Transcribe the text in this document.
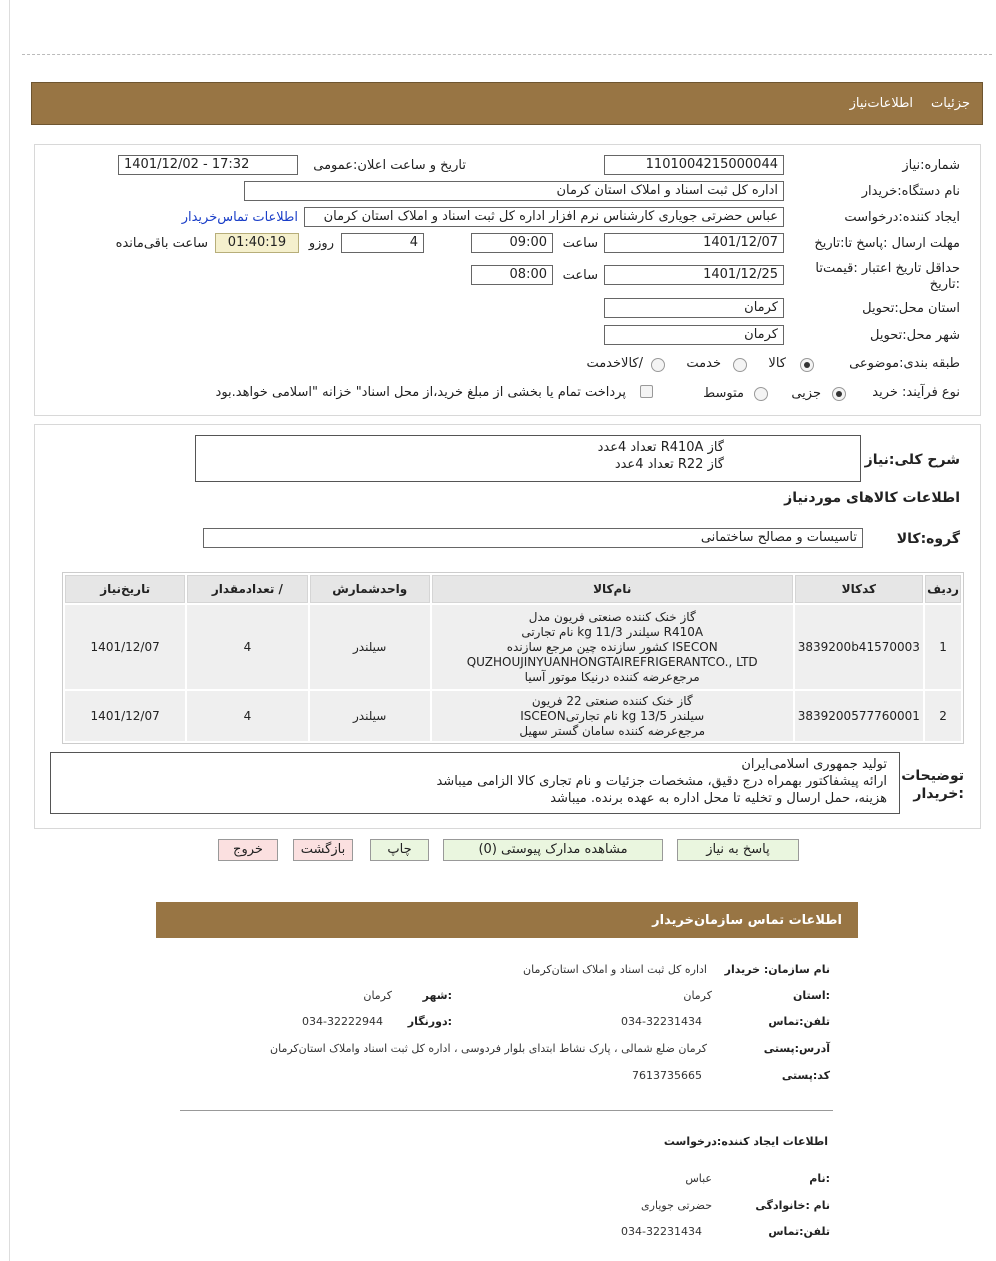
جزئیات
اطلاعات‌نیاز
شماره:نیاز
1101004215000044
تاریخ و ساعت اعلان:عمومی
1401/12/02 - 17:32
نام دستگاه:خریدار
اداره کل ثبت اسناد و املاک استان کرمان
ایجاد کننده:درخواست
عباس حضرتی جویاری کارشناس نرم افزار اداره کل ثبت اسناد و املاک استان کرمان
اطلاعات تماس‌خریدار
مهلت ارسال :پاسخ تا:تاریخ
1401/12/07
ساعت
09:00
4
روزو
01:40:19
ساعت باقی‌مانده
حداقل تاریخ اعتبار :قیمت‌تا
:تاریخ
1401/12/25
ساعت
08:00
استان محل:تحویل
کرمان
شهر محل:تحویل
کرمان
طبقه بندی:موضوعی
کالا
خدمت
/کالاخدمت
نوع فرآیند: خرید
جزیی
متوسط
پرداخت تمام یا بخشی از مبلغ خرید،از محل اسناد" خزانه "اسلامی خواهد.بود
شرح کلی:نیاز
گاز R410A تعداد 4عدد
گاز R22 تعداد 4عدد
اطلاعات کالاهای موردنیاز
گروه:کالا
تاسیسات و مصالح ساختمانی
ردیف	کدکالا	نام‌کالا	واحدشمارش	/ تعدادمقدار	تاریخ‌نیاز
1	3839200b41570003	گاز خنک کننده صنعتی فریون مدل
R410A سیلندر 11/3 kg نام تجارتی
ISECON کشور سازنده چین مرجع سازنده
QUZHOUJINYUANHONGTAIREFRIGERANTCO., LTD
مرجع‌عرضه کننده درنیکا موتور آسیا	سیلندر	4	1401/12/07
2	3839200577760001	گاز خنک کننده صنعتی 22 فریون
سیلندر 13/5 kg نام تجارتیISCEON
مرجع‌عرضه کننده سامان گستر سهیل	سیلندر	4	1401/12/07
توضیحات
:خریدار
تولید جمهوری اسلامی‌ایران
ارائه پیشفاکتور بهمراه درج دقیق، مشخصات جزئیات و نام تجاری کالا الزامی میباشد
هزینه، حمل ارسال و تخلیه تا محل اداره به عهده برنده. میباشد
پاسخ به نیاز
مشاهده مدارک پیوستی (0)
چاپ
بازگشت
خروج
اطلاعات تماس سازمان‌خریدار
نام سازمان: خریدار
اداره کل ثبت اسناد و املاک استان‌کرمان
:استان
کرمان
:شهر
کرمان
تلفن:تماس
034-32231434
:دورنگار
034-32222944
آدرس:پستی
کرمان ضلع شمالی ، پارک نشاط ابتدای بلوار فردوسی ، اداره کل ثبت اسناد واملاک استان‌کرمان
کد:پستی
7613735665
اطلاعات ایجاد کننده:درخواست
:نام
عباس
نام :خانوادگی
حضرتی جویاری
تلفن:تماس
034-32231434
